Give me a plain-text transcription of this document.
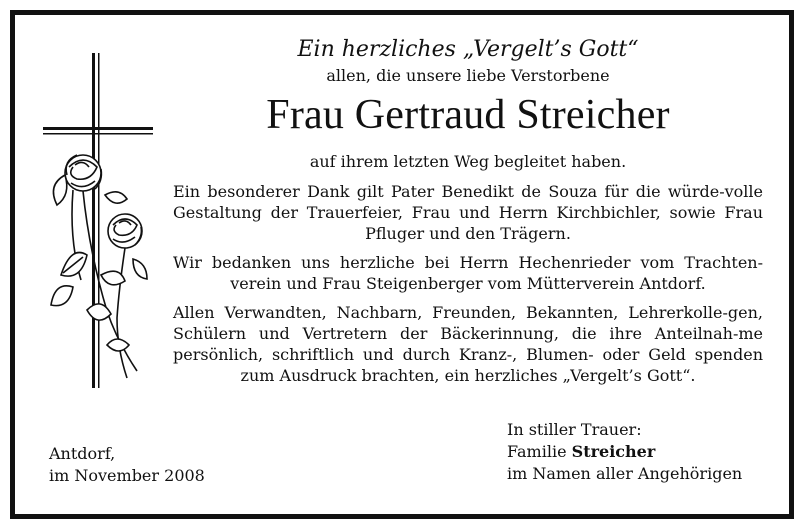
Ein herzliches „Vergelt’s Gott“

allen, die unsere liebe Verstorbene

Frau Gertraud Streicher

auf ihrem letzten Weg begleitet haben.

Ein besonderer Dank gilt Pater Benedikt de Souza für die würde-volle Gestaltung der Trauerfeier, Frau und Herrn Kirchbichler, sowie Frau Pfluger und den Trägern.

Wir bedanken uns herzliche bei Herrn Hechenrieder vom Trachten-verein und Frau Steigenberger vom Mütterverein Antdorf.

Allen Verwandten, Nachbarn, Freunden, Bekannten, Lehrerkolle-gen, Schülern und Vertretern der Bäckerinnung, die ihre Anteilnah-me persönlich, schriftlich und durch Kranz-, Blumen- oder Geld spenden zum Ausdruck brachten, ein herzliches „Vergelt’s Gott“.

Antdorf,
im November 2008
In stiller Trauer:
Familie Streicher
im Namen aller Angehörigen
